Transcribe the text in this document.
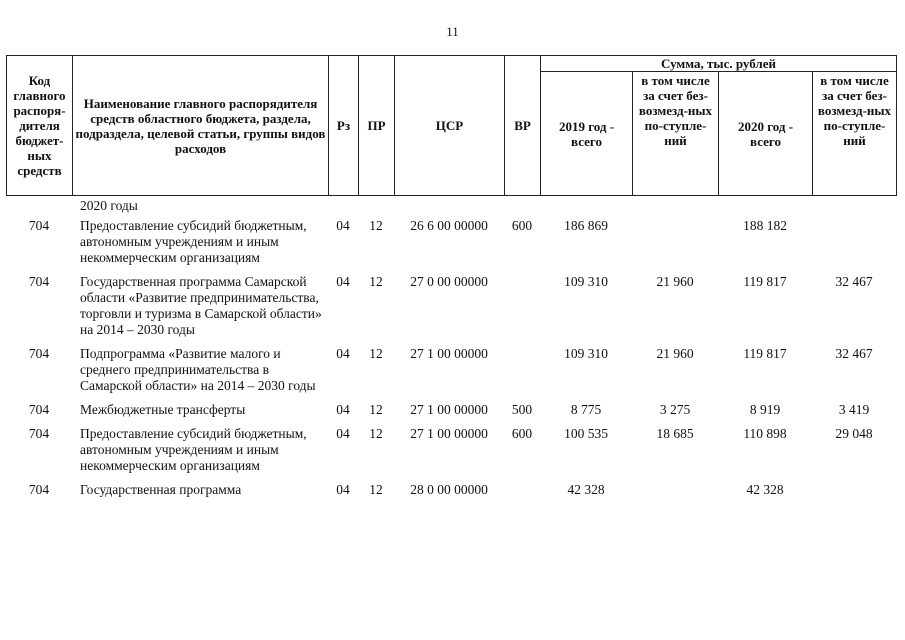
11
Код главного распоря-дителя бюджет-ных средств	Наименование главного распорядителя средств областного бюджета, раздела, подраздела, целевой статьи, группы видов расходов	Рз	ПР	ЦСР	ВР	Сумма, тыс. рублей			
						2019 год - всего	в том числе за счет без-возмезд-ных по-ступле-ний	2020 год - всего	в том числе за счет без-возмезд-ных по-ступле-ний
	2020 годы								
704	Предоставление субсидий бюджетным, автономным учреждениям и иным некоммерческим организациям	04	12	26 6 00 00000	600	186 869		188 182	
704	Государственная программа Самарской области «Развитие предпринимательства, торговли и туризма в Самарской области» на 2014 – 2030 годы	04	12	27 0 00 00000		109 310	21 960	119 817	32 467
704	Подпрограмма «Развитие малого и среднего предпринимательства в Самарской области» на 2014 – 2030 годы	04	12	27 1 00 00000		109 310	21 960	119 817	32 467
704	Межбюджетные трансферты	04	12	27 1 00 00000	500	8 775	3 275	8 919	3 419
704	Предоставление субсидий бюджетным, автономным учреждениям и иным некоммерческим организациям	04	12	27 1 00 00000	600	100 535	18 685	110 898	29 048
704	Государственная программа	04	12	28 0 00 00000		42 328		42 328	
